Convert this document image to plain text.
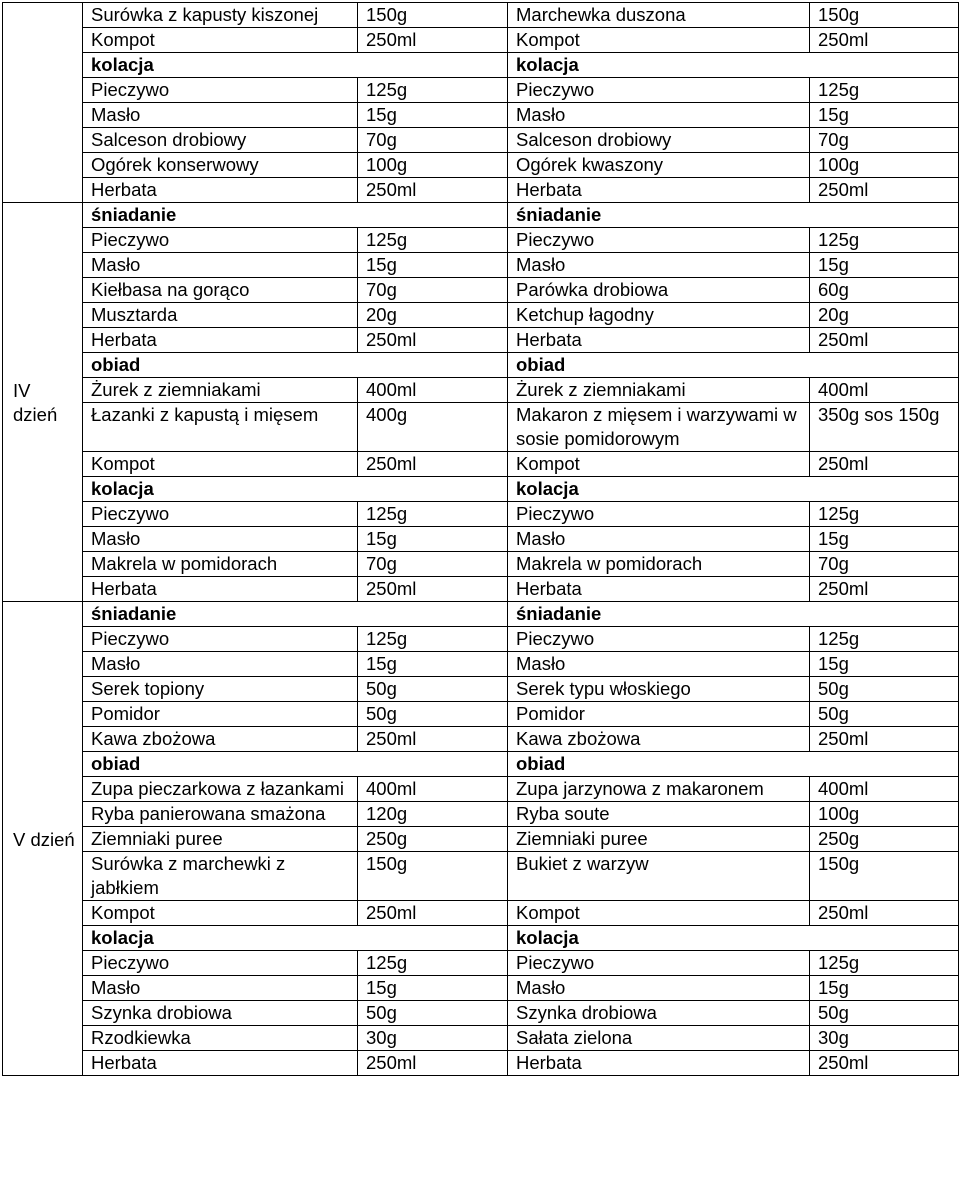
	Surówka z kapusty kiszonej	150g	Marchewka duszona	150g
	Kompot	250ml	Kompot	250ml
	kolacja		kolacja	
	Pieczywo	125g	Pieczywo	125g
	Masło	15g	Masło	15g
	Salceson drobiowy	70g	Salceson drobiowy	70g
	Ogórek konserwowy	100g	Ogórek kwaszony	100g
	Herbata	250ml	Herbata	250ml
IV dzień	śniadanie		śniadanie	
	Pieczywo	125g	Pieczywo	125g
	Masło	15g	Masło	15g
	Kiełbasa na gorąco	70g	Parówka drobiowa	60g
	Musztarda	20g	Ketchup łagodny	20g
	Herbata	250ml	Herbata	250ml
	obiad		obiad	
	Żurek z ziemniakami	400ml	Żurek z ziemniakami	400ml
	Łazanki z kapustą i mięsem	400g	Makaron z mięsem i warzywami w sosie pomidorowym	350g sos 150g
	Kompot	250ml	Kompot	250ml
	kolacja		kolacja	
	Pieczywo	125g	Pieczywo	125g
	Masło	15g	Masło	15g
	Makrela w pomidorach	70g	Makrela w pomidorach	70g
	Herbata	250ml	Herbata	250ml
V dzień	śniadanie		śniadanie	
	Pieczywo	125g	Pieczywo	125g
	Masło	15g	Masło	15g
	Serek topiony	50g	Serek typu włoskiego	50g
	Pomidor	50g	Pomidor	50g
	Kawa zbożowa	250ml	Kawa zbożowa	250ml
	obiad		obiad	
	Zupa pieczarkowa z łazankami	400ml	Zupa jarzynowa z makaronem	400ml
	Ryba panierowana smażona	120g	Ryba soute	100g
	Ziemniaki puree	250g	Ziemniaki puree	250g
	Surówka z marchewki z jabłkiem	150g	Bukiet z warzyw	150g
	Kompot	250ml	Kompot	250ml
	kolacja		kolacja	
	Pieczywo	125g	Pieczywo	125g
	Masło	15g	Masło	15g
	Szynka drobiowa	50g	Szynka drobiowa	50g
	Rzodkiewka	30g	Sałata zielona	30g
	Herbata	250ml	Herbata	250ml
